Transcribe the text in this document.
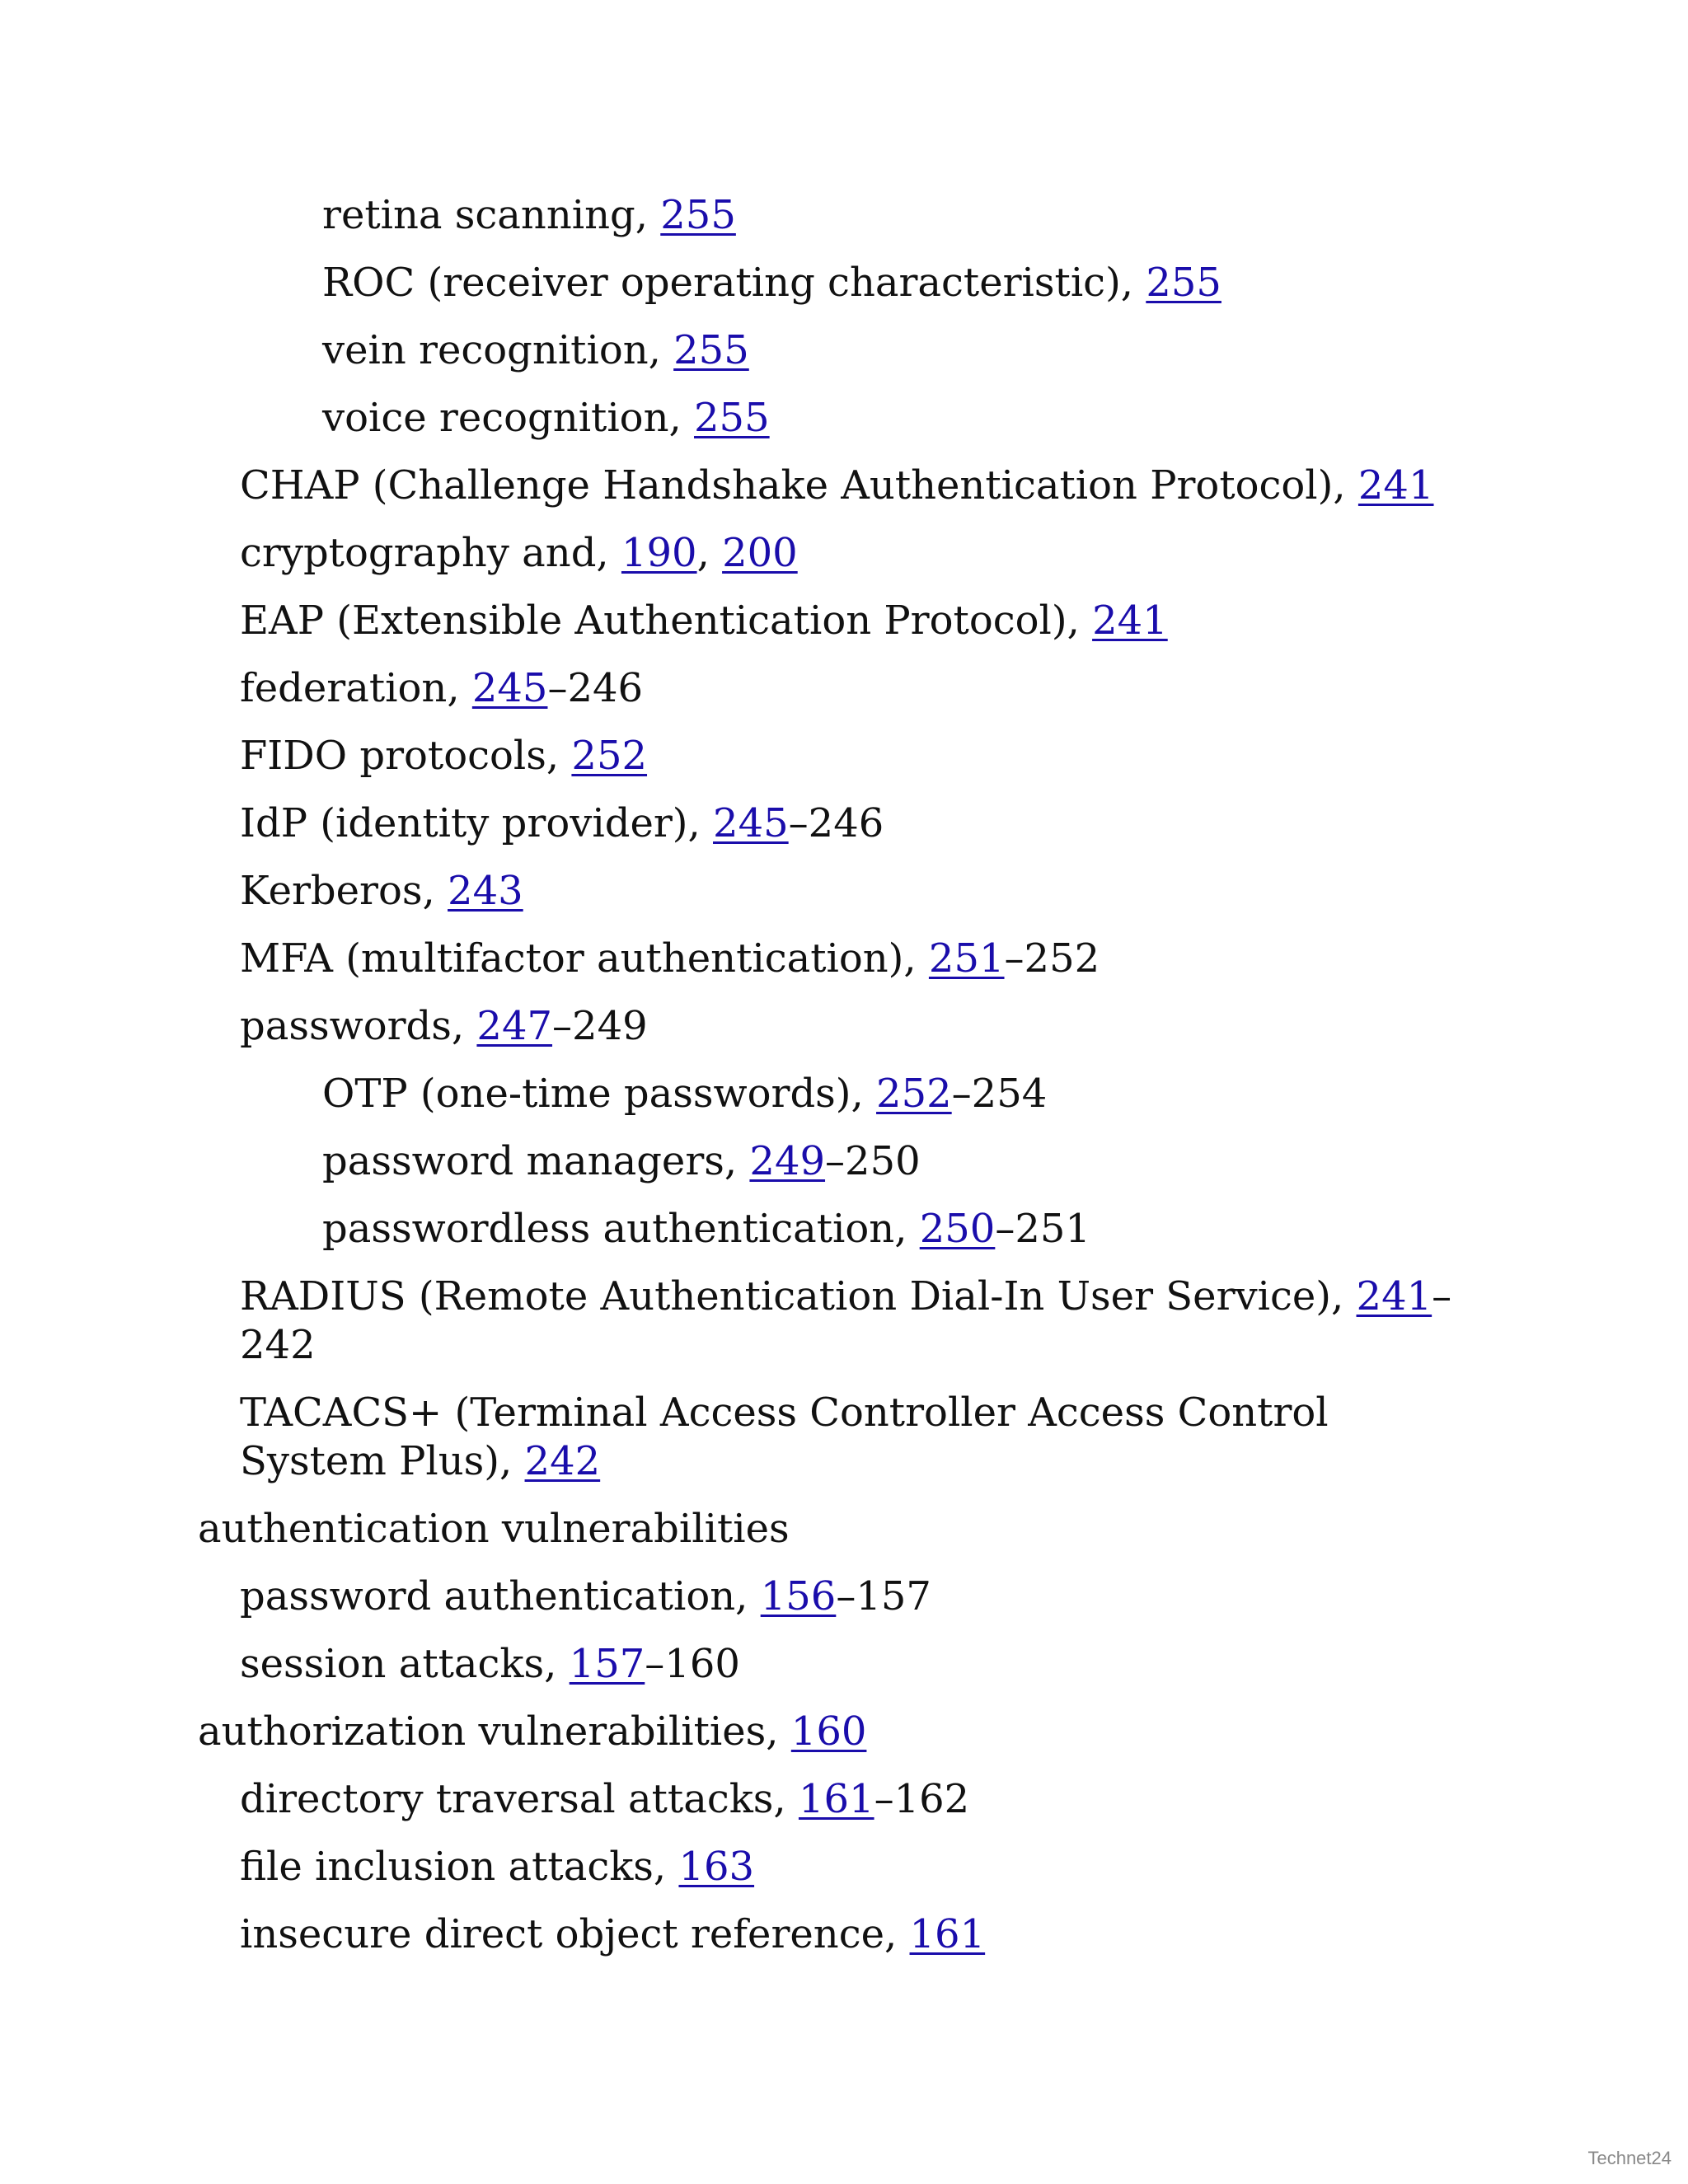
retina scanning, 255
ROC (receiver operating characteristic), 255
vein recognition, 255
voice recognition, 255
CHAP (Challenge Handshake Authentication Protocol), 241
cryptography and, 190, 200
EAP (Extensible Authentication Protocol), 241
federation, 245–246
FIDO protocols, 252
IdP (identity provider), 245–246
Kerberos, 243
MFA (multifactor authentication), 251–252
passwords, 247–249
OTP (one-time passwords), 252–254
password managers, 249–250
passwordless authentication, 250–251
RADIUS (Remote Authentication Dial-In User Service), 241–242
TACACS+ (Terminal Access Controller Access Control System Plus), 242
authentication vulnerabilities
password authentication, 156–157
session attacks, 157–160
authorization vulnerabilities, 160
directory traversal attacks, 161–162
file inclusion attacks, 163
insecure direct object reference, 161
Technet24
